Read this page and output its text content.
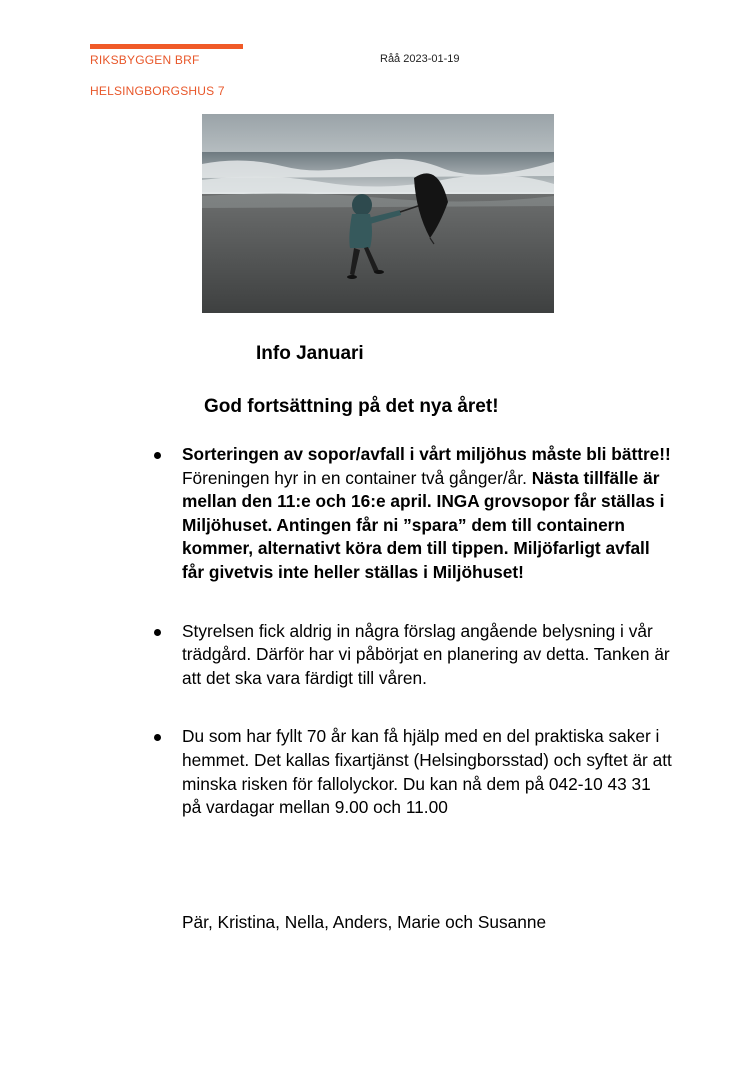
RIKSBYGGEN BRF
HELSINGBORGSHUS 7
Råå 2023-01-19
Info Januari
God fortsättning på det nya året!
Sorteringen av sopor/avfall i vårt miljöhus måste bli bättre!! Föreningen hyr in en container två gånger/år. Nästa tillfälle är mellan den 11:e och 16:e april. INGA grovsopor får ställas i Miljöhuset. Antingen får ni ”spara” dem till containern kommer, alternativt köra dem till tippen. Miljöfarligt avfall får givetvis inte heller ställas i Miljöhuset!
Styrelsen fick aldrig in några förslag angående belysning i vår trädgård. Därför har vi påbörjat en planering av detta. Tanken är att det ska vara färdigt till våren.
Du som har fyllt 70 år kan få hjälp med en del praktiska saker i hemmet. Det kallas fixartjänst (Helsingborsstad) och syftet är att minska risken för fallolyckor. Du kan nå dem på 042-10 43 31 på vardagar mellan 9.00 och 11.00
Pär, Kristina, Nella, Anders, Marie och Susanne
